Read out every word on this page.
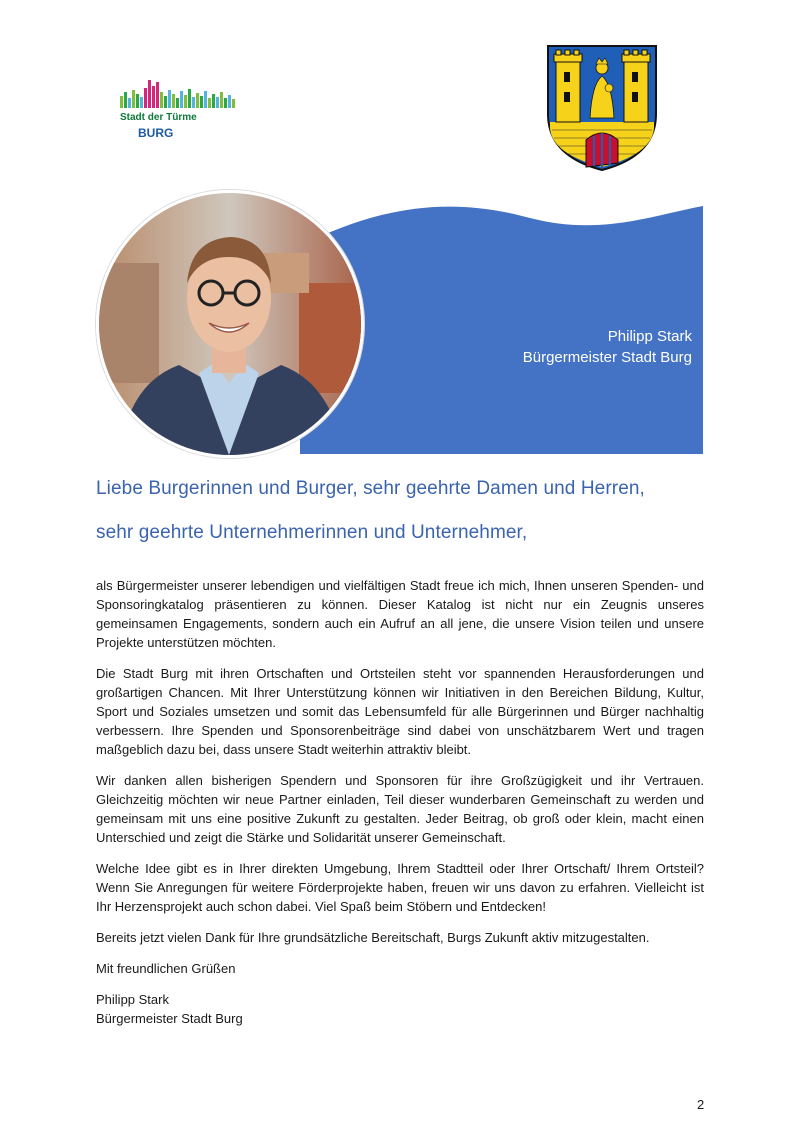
Stadt der Türme
BURG
Philipp Stark
Bürgermeister Stadt Burg
Liebe Burgerinnen und Burger, sehr geehrte Damen und Herren,
sehr geehrte Unternehmerinnen und Unternehmer,

als Bürgermeister unserer lebendigen und vielfältigen Stadt freue ich mich, Ihnen unseren Spenden- und Sponsoringkatalog präsentieren zu können. Dieser Katalog ist nicht nur ein Zeugnis unseres gemeinsamen Engagements, sondern auch ein Aufruf an all jene, die unsere Vision teilen und unsere Projekte unterstützen möchten.

Die Stadt Burg mit ihren Ortschaften und Ortsteilen steht vor spannenden Herausforderungen und großartigen Chancen. Mit Ihrer Unterstützung können wir Initiativen in den Bereichen Bildung, Kultur, Sport und Soziales umsetzen und somit das Lebensumfeld für alle Bürgerinnen und Bürger nachhaltig verbessern. Ihre Spenden und Sponsorenbeiträge sind dabei von unschätzbarem Wert und tragen maßgeblich dazu bei, dass unsere Stadt weiterhin attraktiv bleibt.

Wir danken allen bisherigen Spendern und Sponsoren für ihre Großzügigkeit und ihr Vertrauen. Gleichzeitig möchten wir neue Partner einladen, Teil dieser wunderbaren Gemeinschaft zu werden und gemeinsam mit uns eine positive Zukunft zu gestalten. Jeder Beitrag, ob groß oder klein, macht einen Unterschied und zeigt die Stärke und Solidarität unserer Gemeinschaft.

Welche Idee gibt es in Ihrer direkten Umgebung, Ihrem Stadtteil oder Ihrer Ortschaft/ Ihrem Ortsteil? Wenn Sie Anregungen für weitere Förderprojekte haben, freuen wir uns davon zu erfahren. Vielleicht ist Ihr Herzensprojekt auch schon dabei. Viel Spaß beim Stöbern und Entdecken!

Bereits jetzt vielen Dank für Ihre grundsätzliche Bereitschaft, Burgs Zukunft aktiv mitzugestalten.

Mit freundlichen Grüßen

Philipp Stark
Bürgermeister Stadt Burg
2
